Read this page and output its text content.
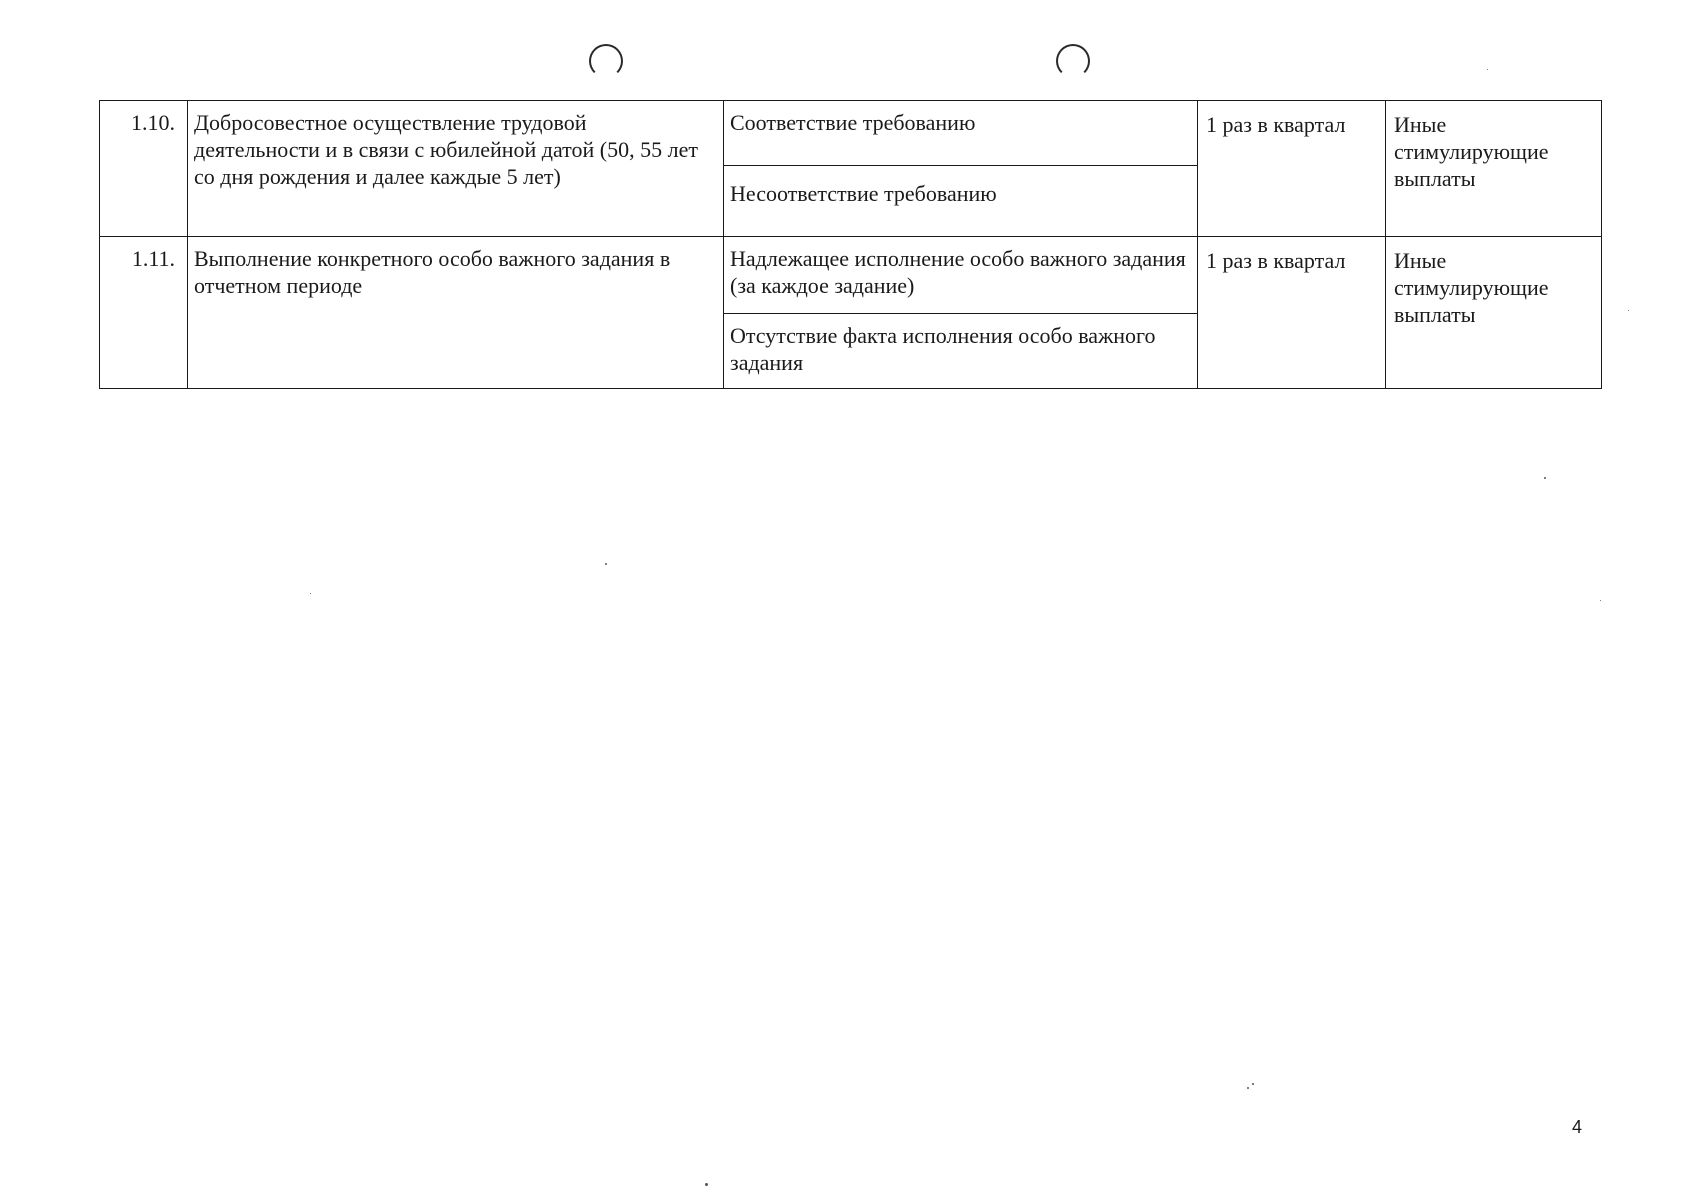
1.10.	Добросовестное осуществление трудовой деятельности и в связи с юбилейной датой (50, 55 лет со дня рождения и далее каждые 5 лет)	Соответствие требованию	1 раз в квартал	Иные стимулирующие выплаты
		Несоответствие требованию		
1.11.	Выполнение конкретного особо важного задания в отчетном периоде	Надлежащее исполнение особо важного задания (за каждое задание)	1 раз в квартал	Иные стимулирующие выплаты
		Отсутствие факта исполнения особо важного задания		
4
